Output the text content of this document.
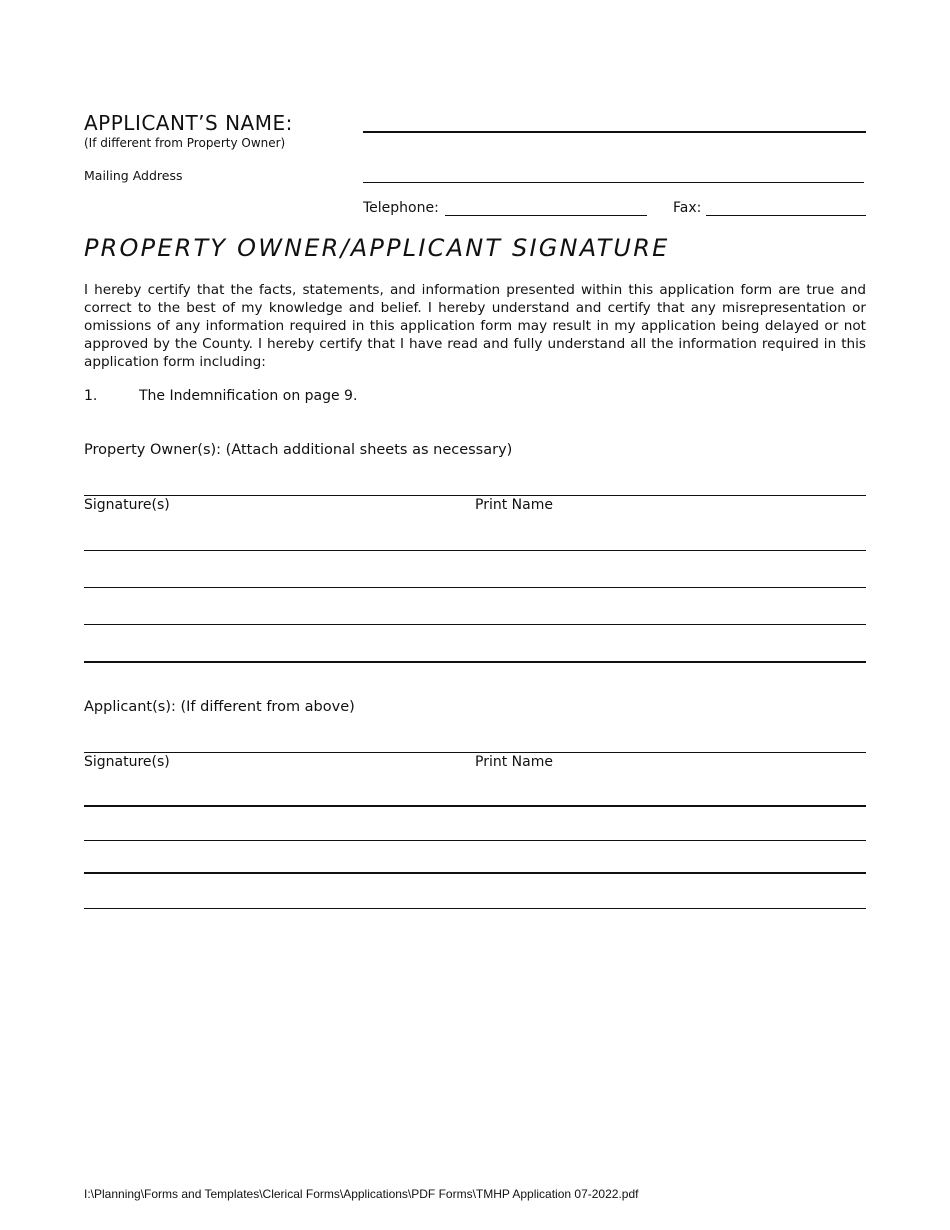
APPLICANT’S NAME:
(If different from Property Owner)
Mailing Address
Telephone:	Fax:
PROPERTY OWNER/APPLICANT SIGNATURE
I hereby certify that the facts, statements, and information presented within this application form are true and correct to the best of my knowledge and belief. I hereby understand and certify that any misrepresentation or omissions of any information required in this application form may result in my application being delayed or not approved by the County. I hereby certify that I have read and fully understand all the information required in this application form including:
1.	The Indemnification on page 9.
Property Owner(s): (Attach additional sheets as necessary)
Signature(s)	Print Name
Applicant(s): (If different from above)
Signature(s)	Print Name
I:\Planning\Forms and Templates\Clerical Forms\Applications\PDF Forms\TMHP Application 07-2022.pdf
